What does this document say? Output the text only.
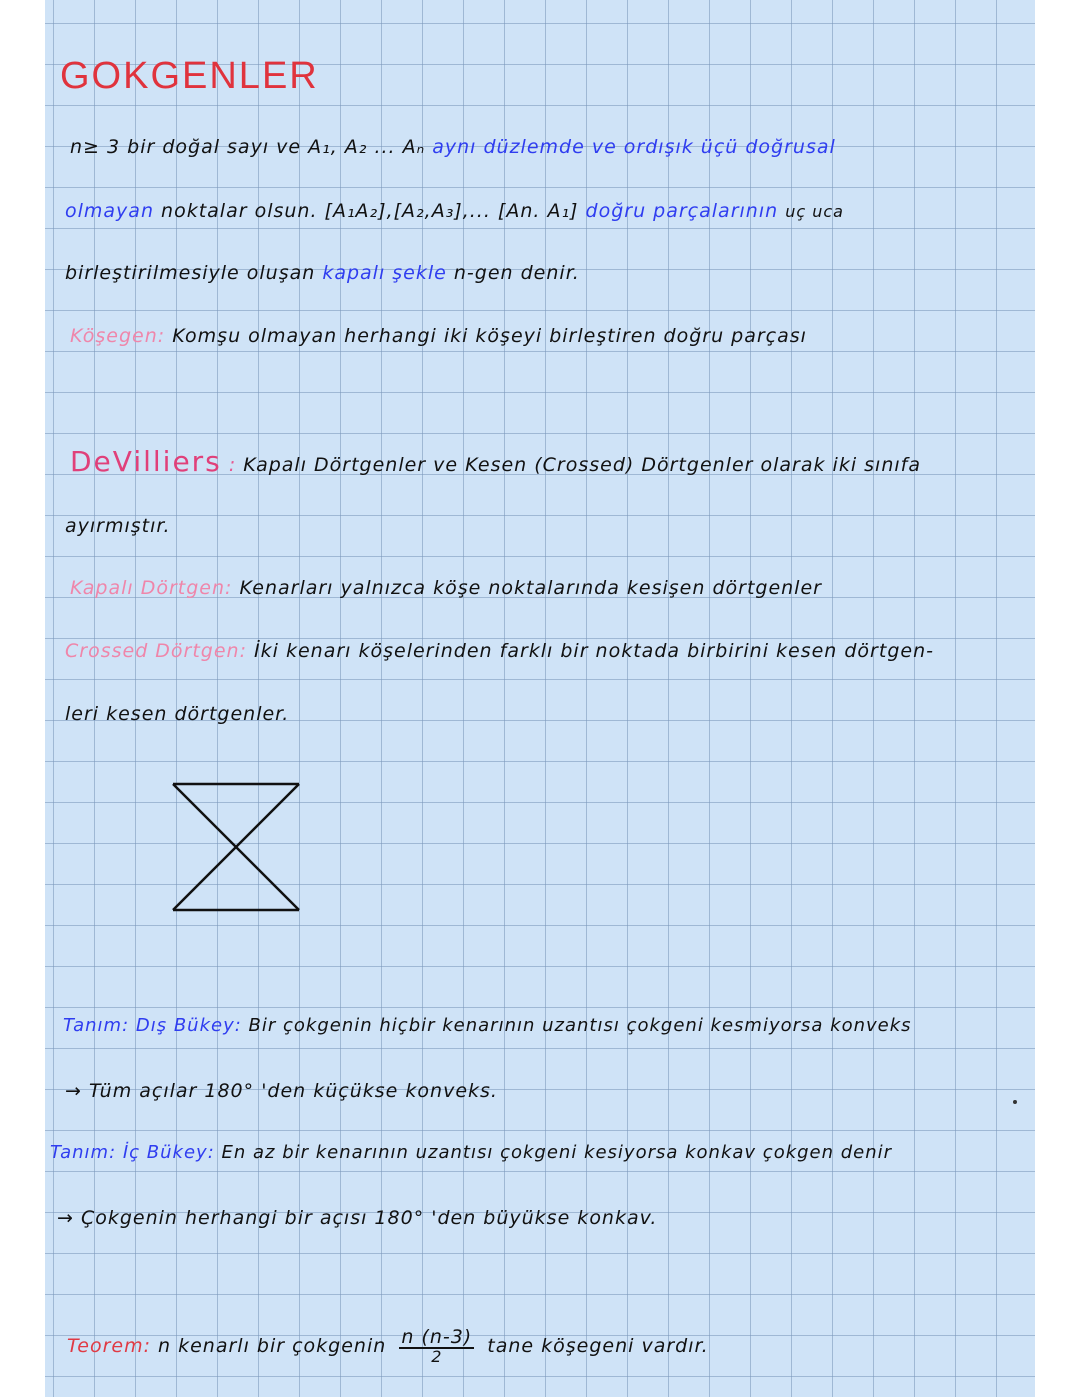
GOKGENLER
n≥ 3 bir doğal sayı ve A₁, A₂ ... Aₙ aynı düzlemde ve ordışık üçü doğrusal
olmayan noktalar olsun. [A₁A₂],[A₂,A₃],... [An. A₁] doğru parçalarının uç uca
birleştirilmesiyle oluşan kapalı şekle n-gen denir.
Köşegen: Komşu olmayan herhangi iki köşeyi birleştiren doğru parçası
DeVilliers : Kapalı Dörtgenler ve Kesen (Crossed) Dörtgenler olarak iki sınıfa
ayırmıştır.
Kapalı Dörtgen: Kenarları yalnızca köşe noktalarında kesişen dörtgenler
Crossed Dörtgen: İki kenarı köşelerinden farklı bir noktada birbirini kesen dörtgen-
leri kesen dörtgenler.
Tanım: Dış Bükey: Bir çokgenin hiçbir kenarının uzantısı çokgeni kesmiyorsa konveks
→ Tüm açılar 180° 'den küçükse konveks.
Tanım: İç Bükey: En az bir kenarının uzantısı çokgeni kesiyorsa konkav çokgen denir
→ Çokgenin herhangi bir açısı 180° 'den büyükse konkav.
Teorem: n kenarlı bir çokgenin $\frac{n (n-3)}{2}$ tane köşegeni vardır.
